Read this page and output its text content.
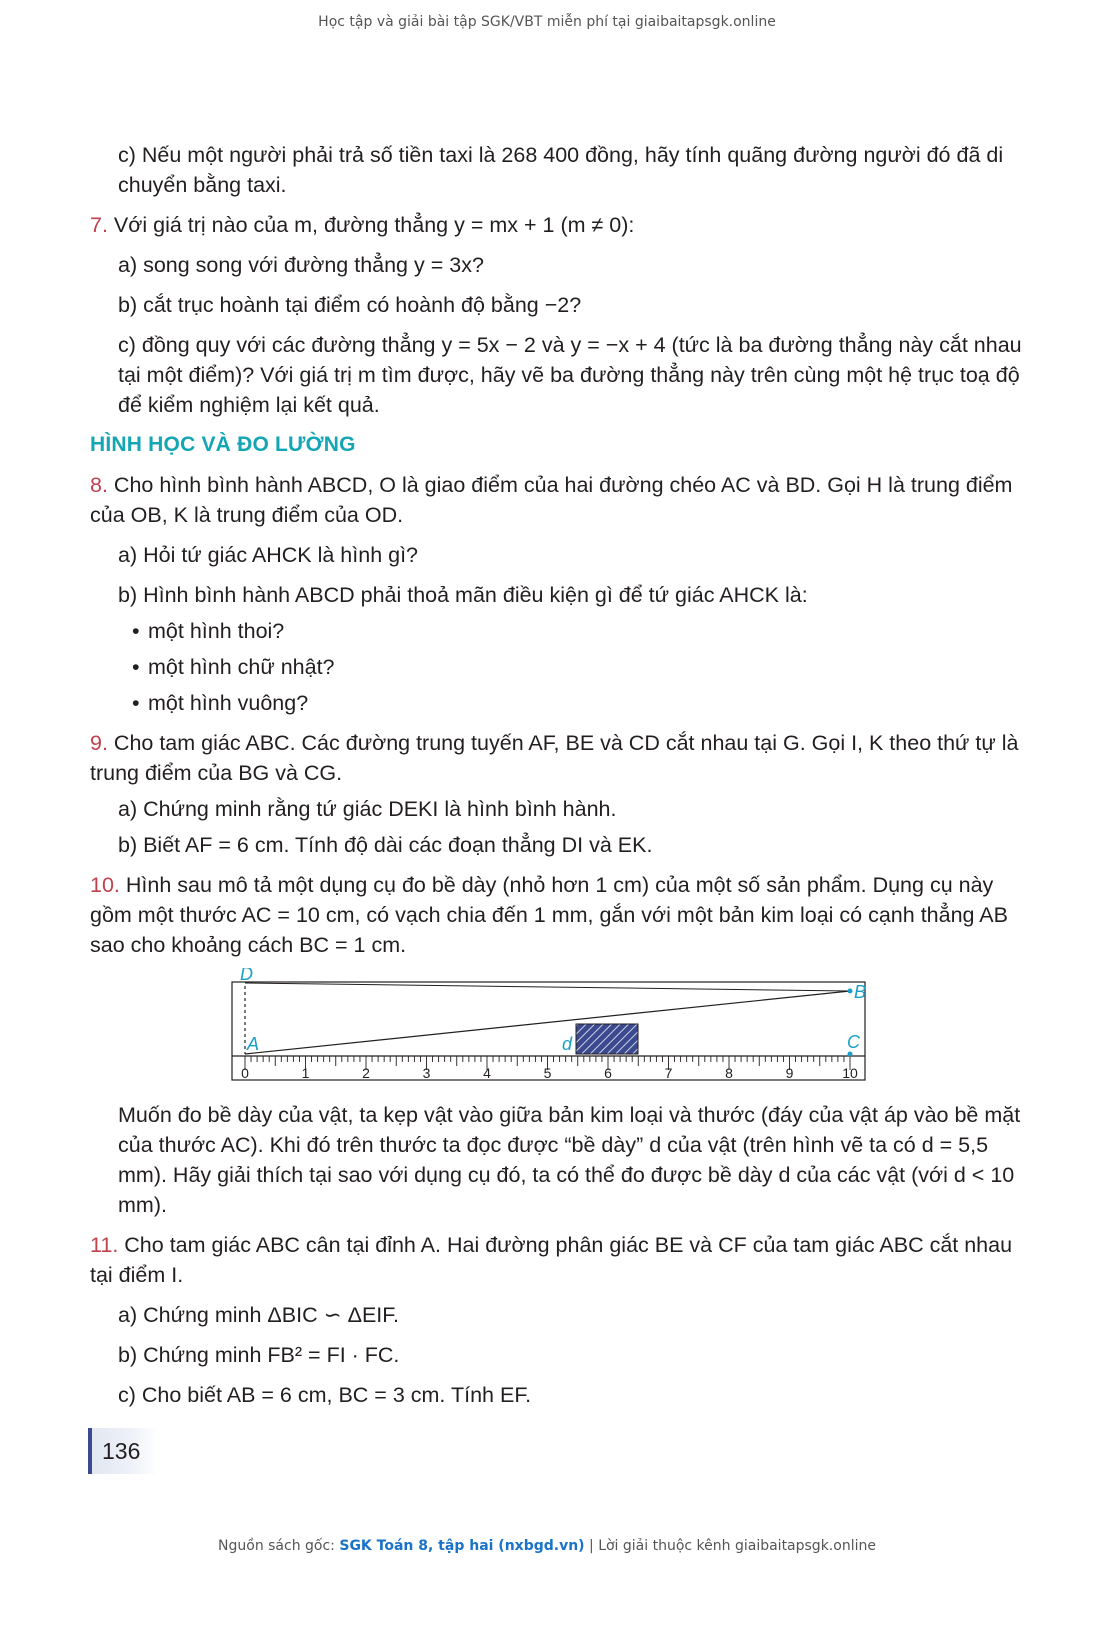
Học tập và giải bài tập SGK/VBT miễn phí tại giaibaitapsgk.online

c) Nếu một người phải trả số tiền taxi là 268 400 đồng, hãy tính quãng đường người đó đã di chuyển bằng taxi.

7. Với giá trị nào của m, đường thẳng y = mx + 1 (m ≠ 0):

a) song song với đường thẳng y = 3x?

b) cắt trục hoành tại điểm có hoành độ bằng −2?

c) đồng quy với các đường thẳng y = 5x − 2 và y = −x + 4 (tức là ba đường thẳng này cắt nhau tại một điểm)? Với giá trị m tìm được, hãy vẽ ba đường thẳng này trên cùng một hệ trục toạ độ để kiểm nghiệm lại kết quả.

HÌNH HỌC VÀ ĐO LƯỜNG

8. Cho hình bình hành ABCD, O là giao điểm của hai đường chéo AC và BD. Gọi H là trung điểm của OB, K là trung điểm của OD.

a) Hỏi tứ giác AHCK là hình gì?

b) Hình bình hành ABCD phải thoả mãn điều kiện gì để tứ giác AHCK là:

• một hình thoi?

• một hình chữ nhật?

• một hình vuông?

9. Cho tam giác ABC. Các đường trung tuyến AF, BE và CD cắt nhau tại G. Gọi I, K theo thứ tự là trung điểm của BG và CG.

a) Chứng minh rằng tứ giác DEKI là hình bình hành.

b) Biết AF = 6 cm. Tính độ dài các đoạn thẳng DI và EK.

10. Hình sau mô tả một dụng cụ đo bề dày (nhỏ hơn 1 cm) của một số sản phẩm. Dụng cụ này gồm một thước AC = 10 cm, có vạch chia đến 1 mm, gắn với một bản kim loại có cạnh thẳng AB sao cho khoảng cách BC = 1 cm.

0	1	2	3	4	5	6	7	8	9	10
D
B
A	C
d

Muốn đo bề dày của vật, ta kẹp vật vào giữa bản kim loại và thước (đáy của vật áp vào bề mặt của thước AC). Khi đó trên thước ta đọc được “bề dày” d của vật (trên hình vẽ ta có d = 5,5 mm). Hãy giải thích tại sao với dụng cụ đó, ta có thể đo được bề dày d của các vật (với d < 10 mm).

11. Cho tam giác ABC cân tại đỉnh A. Hai đường phân giác BE và CF của tam giác ABC cắt nhau tại điểm I.

a) Chứng minh ΔBIC ∽ ΔEIF.

b) Chứng minh FB² = FI · FC.

c) Cho biết AB = 6 cm, BC = 3 cm. Tính EF.

136
Nguồn sách gốc: SGK Toán 8, tập hai (nxbgd.vn) | Lời giải thuộc kênh giaibaitapsgk.online
